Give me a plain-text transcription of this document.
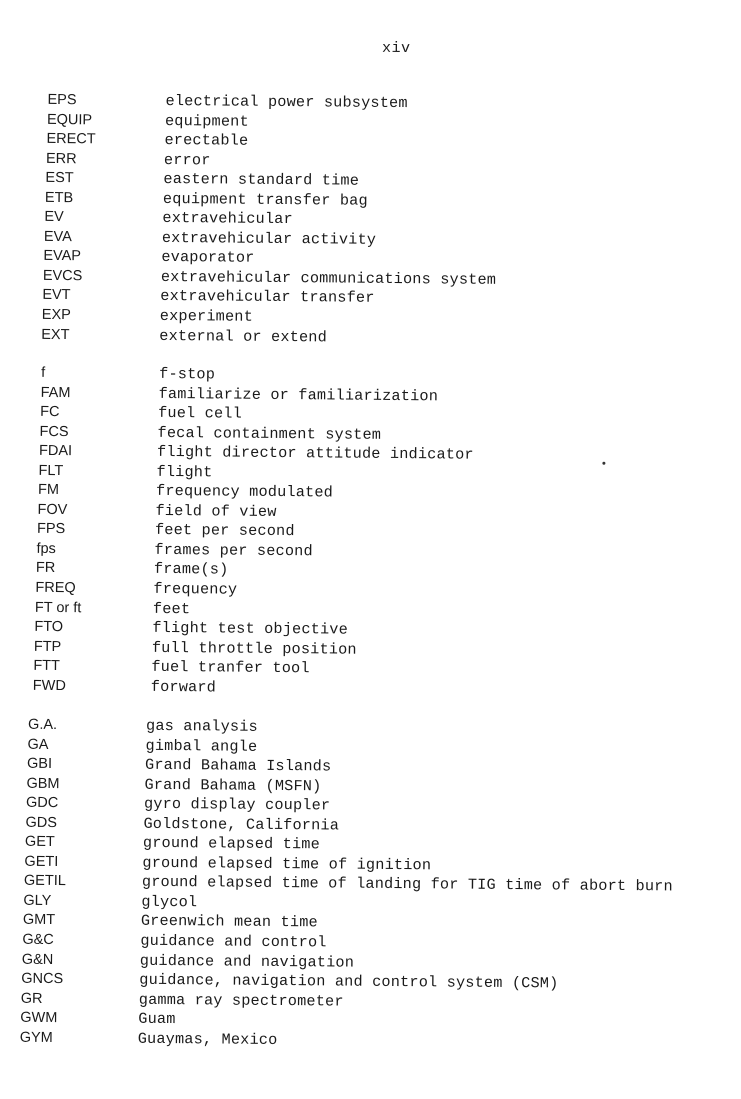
xiv
EPS	electrical power subsystem
EQUIP	equipment
ERECT	erectable
ERR	error
EST	eastern standard time
ETB	equipment transfer bag
EV	extravehicular
EVA	extravehicular activity
EVAP	evaporator
EVCS	extravehicular communications system
EVT	extravehicular transfer
EXP	experiment
EXT	external or extend
f	f-stop
FAM	familiarize or familiarization
FC	fuel cell
FCS	fecal containment system
FDAI	flight director attitude indicator
FLT	flight
FM	frequency modulated
FOV	field of view
FPS	feet per second
fps	frames per second
FR	frame(s)
FREQ	frequency
FT or ft	feet
FTO	flight test objective
FTP	full throttle position
FTT	fuel tranfer tool
FWD	forward
G.A.	gas analysis
GA	gimbal angle
GBI	Grand Bahama Islands
GBM	Grand Bahama (MSFN)
GDC	gyro display coupler
GDS	Goldstone, California
GET	ground elapsed time
GETI	ground elapsed time of ignition
GETIL	ground elapsed time of landing for TIG time of abort burn
GLY	glycol
GMT	Greenwich mean time
G&C	guidance and control
G&N	guidance and navigation
GNCS	guidance, navigation and control system (CSM)
GR	gamma ray spectrometer
GWM	Guam
GYM	Guaymas, Mexico
